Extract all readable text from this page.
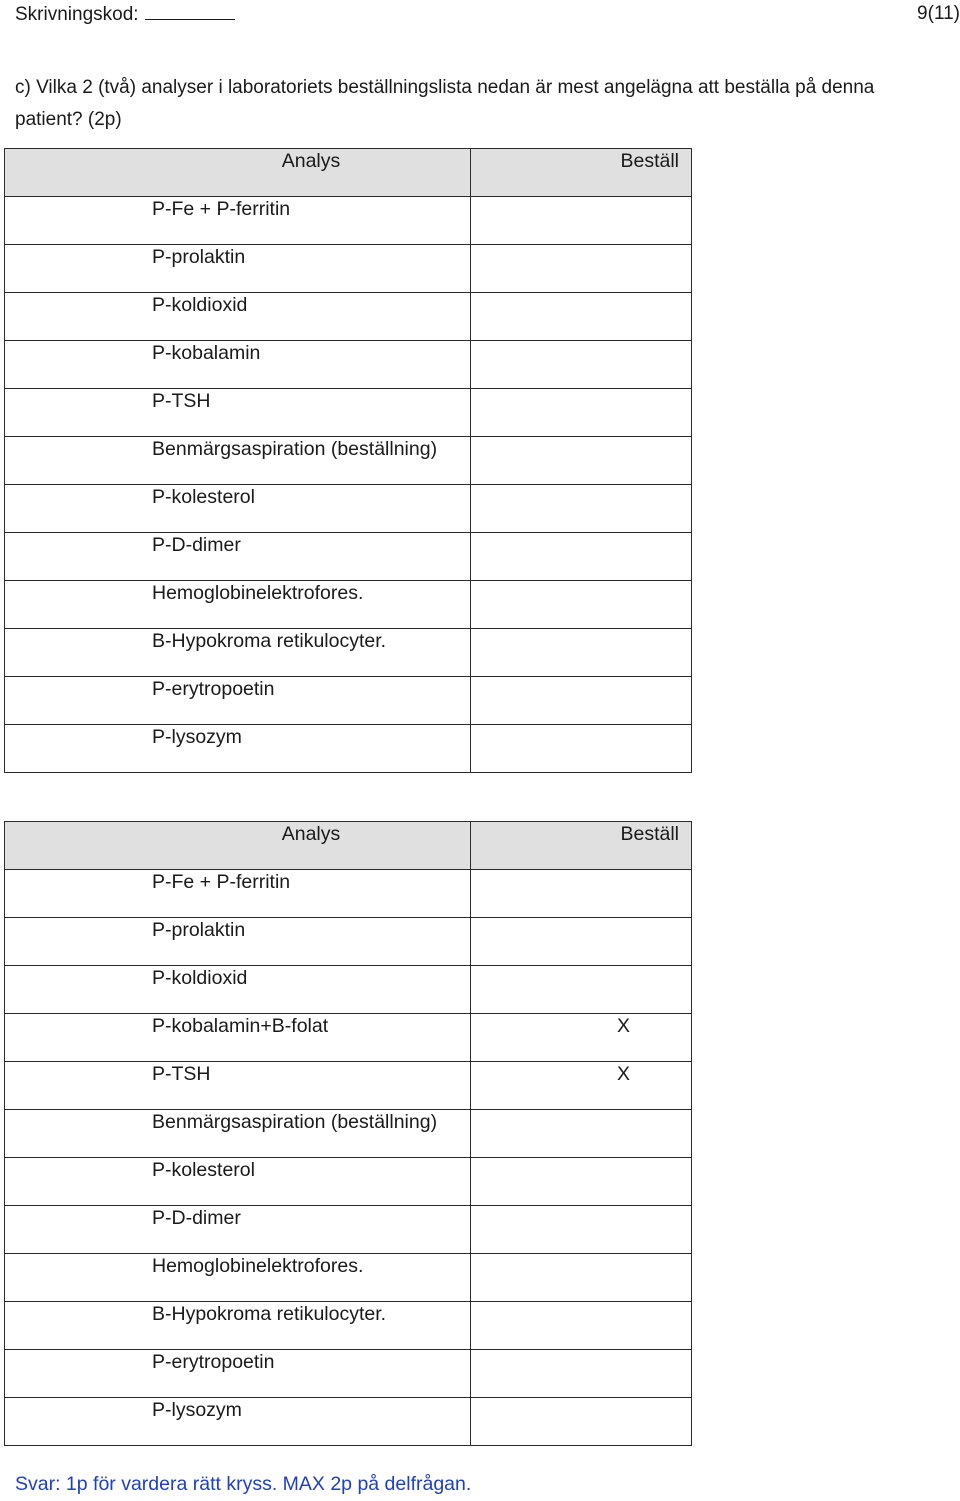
Skrivningskod:	9(11)
c) Vilka 2 (två) analyser i laboratoriets beställningslista nedan är mest angelägna att beställa på denna patient? (2p)
Analys	Beställ

P-Fe + P-ferritin	

P-prolaktin	

P-koldioxid	

P-kobalamin	

P-TSH	

Benmärgsaspiration (beställning)	

P-kolesterol	

P-D-dimer	

Hemoglobinelektrofores.	

B-Hypokroma retikulocyter.	

P-erytropoetin	

P-lysozym	

Analys	Beställ

P-Fe + P-ferritin	

P-prolaktin	

P-koldioxid	

P-kobalamin+B-folat	X

P-TSH	X

Benmärgsaspiration (beställning)	

P-kolesterol	

P-D-dimer	

Hemoglobinelektrofores.	

B-Hypokroma retikulocyter.	

P-erytropoetin	

P-lysozym	

Svar: 1p för vardera rätt kryss. MAX 2p på delfrågan.
